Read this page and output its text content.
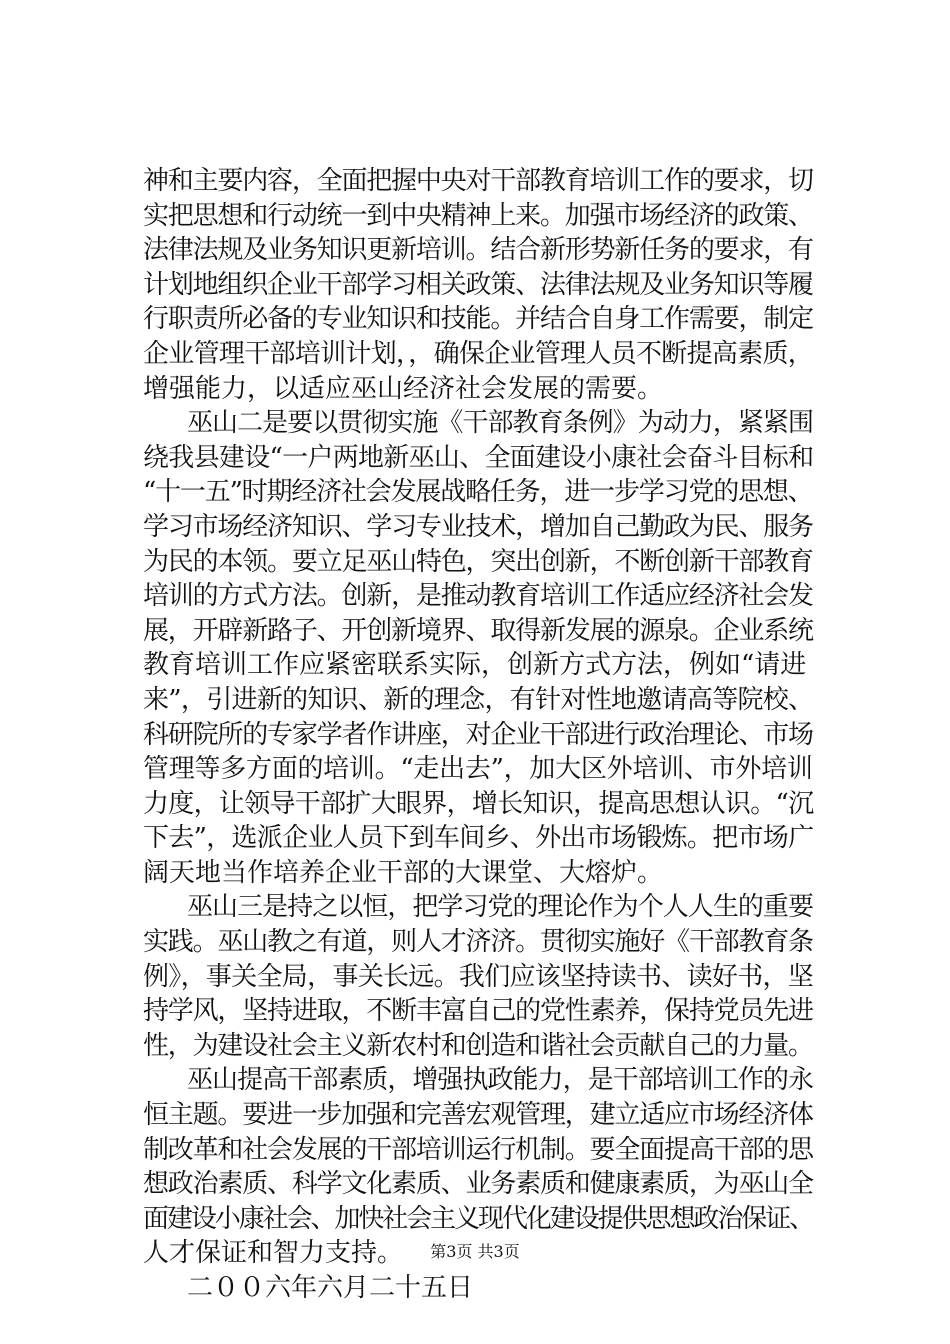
神和主要内容，全面把握中央对干部教育培训工作的要求，切
实把思想和行动统一到中央精神上来。加强市场经济的政策、
法律法规及业务知识更新培训。结合新形势新任务的要求，有
计划地组织企业干部学习相关政策、法律法规及业务知识等履
行职责所必备的专业知识和技能。并结合自身工作需要，制定
企业管理干部培训计划，，确保企业管理人员不断提高素质，
增强能力，以适应巫山经济社会发展的需要。
巫山二是要以贯彻实施《干部教育条例》为动力，紧紧围
绕我县建设“一户两地新巫山、全面建设小康社会奋斗目标和
“十一五”时期经济社会发展战略任务，进一步学习党的思想、
学习市场经济知识、学习专业技术，增加自己勤政为民、服务
为民的本领。要立足巫山特色，突出创新，不断创新干部教育
培训的方式方法。创新，是推动教育培训工作适应经济社会发
展，开辟新路子、开创新境界、取得新发展的源泉。企业系统
教育培训工作应紧密联系实际，创新方式方法，例如“请进
来”，引进新的知识、新的理念，有针对性地邀请高等院校、
科研院所的专家学者作讲座，对企业干部进行政治理论、市场
管理等多方面的培训。“走出去”，加大区外培训、市外培训
力度，让领导干部扩大眼界，增长知识，提高思想认识。“沉
下去”，选派企业人员下到车间乡、外出市场锻炼。把市场广
阔天地当作培养企业干部的大课堂、大熔炉。
巫山三是持之以恒，把学习党的理论作为个人人生的重要
实践。巫山教之有道，则人才济济。贯彻实施好《干部教育条
例》，事关全局，事关长远。我们应该坚持读书、读好书，坚
持学风，坚持进取，不断丰富自己的党性素养，保持党员先进
性，为建设社会主义新农村和创造和谐社会贡献自己的力量。
巫山提高干部素质，增强执政能力，是干部培训工作的永
恒主题。要进一步加强和完善宏观管理，建立适应市场经济体
制改革和社会发展的干部培训运行机制。要全面提高干部的思
想政治素质、科学文化素质、业务素质和健康素质，为巫山全
面建设小康社会、加快社会主义现代化建设提供思想政治保证、
人才保证和智力支持。
二００六年六月二十五日
第3页 共3页
